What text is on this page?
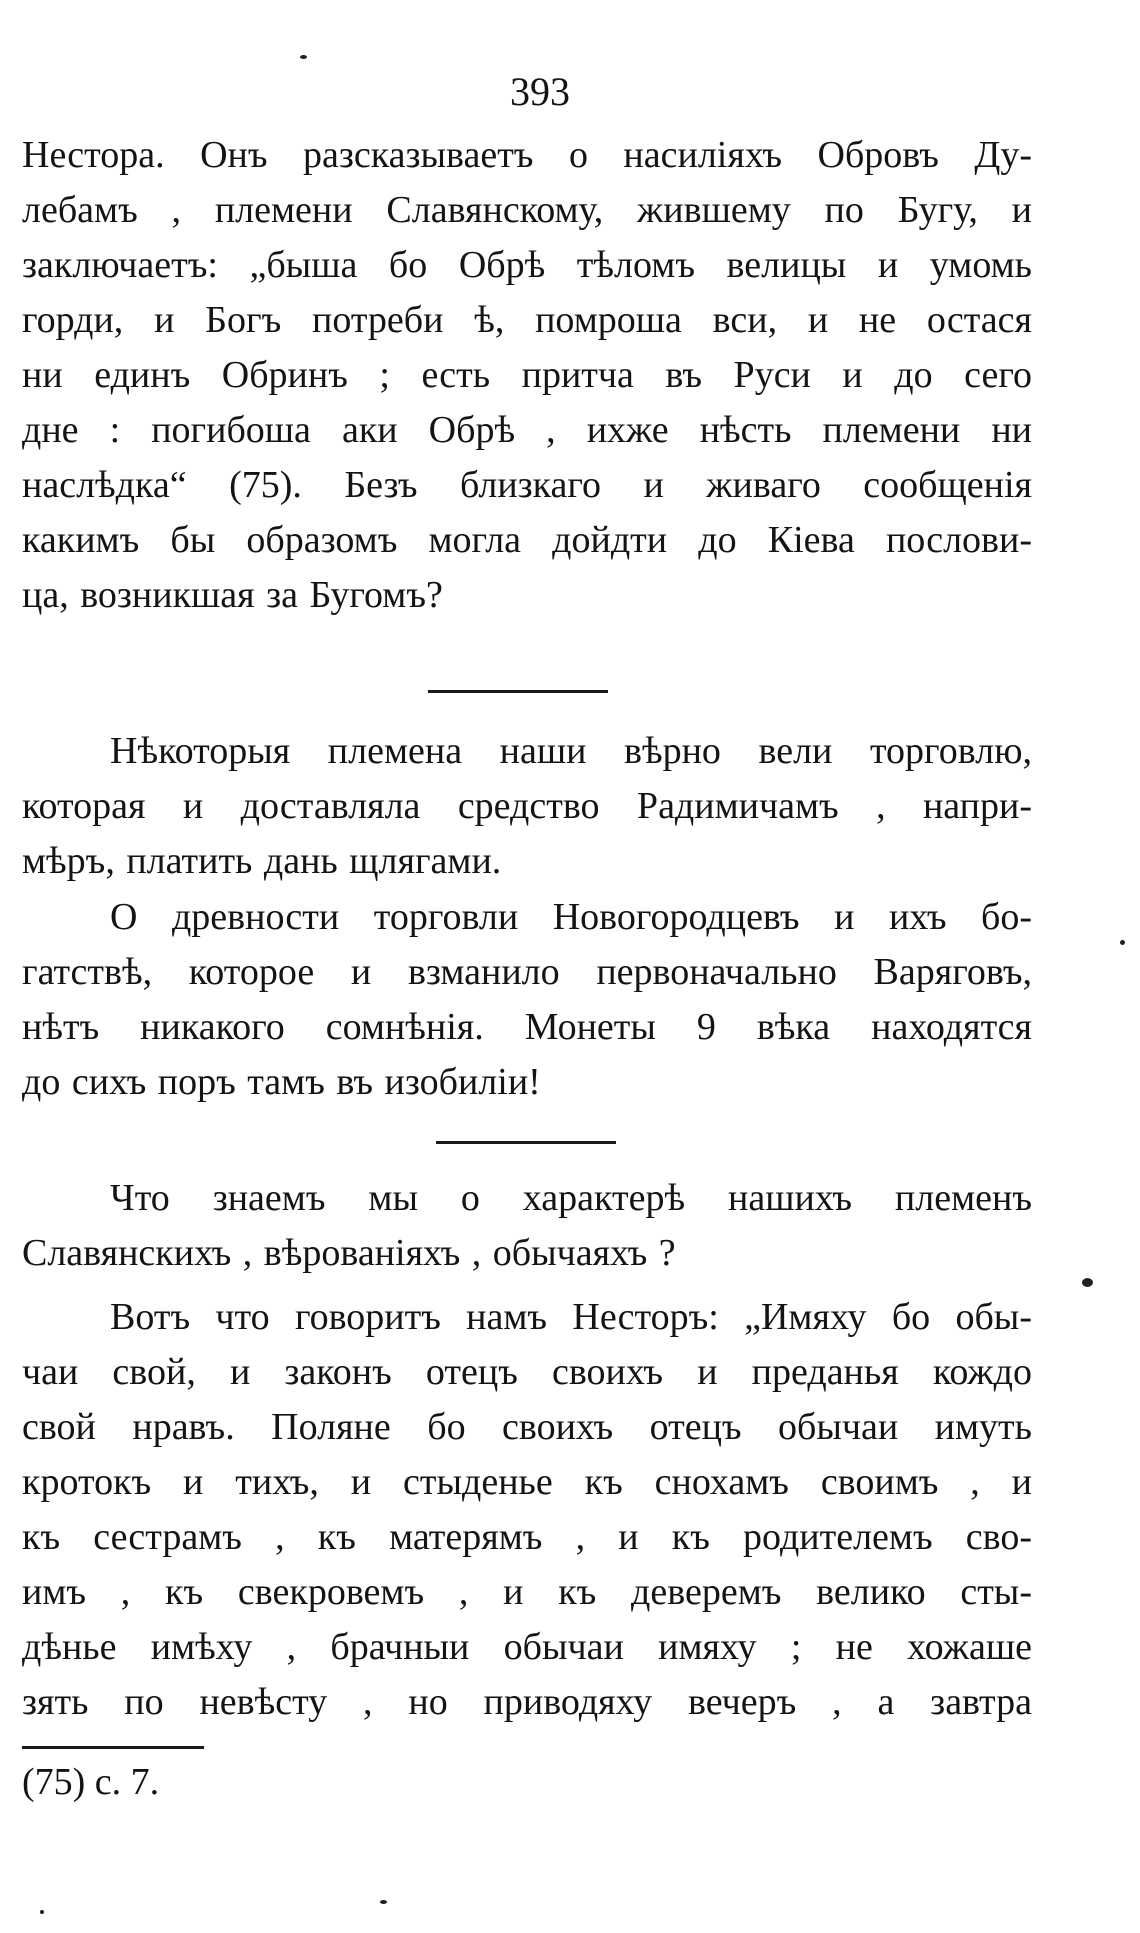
393
Нестора. Онъ разсказываетъ о насиліяхъ Обровъ Ду-
лебамъ , племени Славянскому, жившему по Бугу, и
заключаетъ: „быша бо Обрѣ тѣломъ велицы и умомь
горди, и Богъ потреби ѣ, помроша вси, и не остася
ни единъ Обринъ ; есть притча въ Руси и до сего
дне : погибоша аки Обрѣ , ихже нѣсть племени ни
наслѣдка“ (75). Безъ близкаго и живаго сообщенія
какимъ бы образомъ могла дойдти до Кіева послови-
ца, возникшая за Бугомъ?
Нѣкоторыя племена наши вѣрно вели торговлю,
которая и доставляла средство Радимичамъ , напри-
мѣръ, платить дань щлягами.
О древности торговли Новогородцевъ и ихъ бо-
гатствѣ, которое и взманило первоначально Варяговъ,
нѣтъ никакого сомнѣнія. Монеты 9 вѣка находятся
до сихъ поръ тамъ въ изобиліи!
Что знаемъ мы о характерѣ нашихъ племенъ
Славянскихъ , вѣрованіяхъ , обычаяхъ ?
Вотъ что говоритъ намъ Несторъ: „Имяху бо обы-
чаи свой, и законъ отецъ своихъ и преданья кождо
свой нравъ. Поляне бо своихъ отецъ обычаи имуть
кротокъ и тихъ, и стыденье къ снохамъ своимъ , и
къ сестрамъ , къ матерямъ , и къ родителемъ сво-
имъ , къ свекровемъ , и къ деверемъ велико сты-
дѣнье имѣху , брачныи обычаи имяху ; не хожаше
зять по невѣсту , но приводяху вечеръ , а завтра

(75) с. 7.
